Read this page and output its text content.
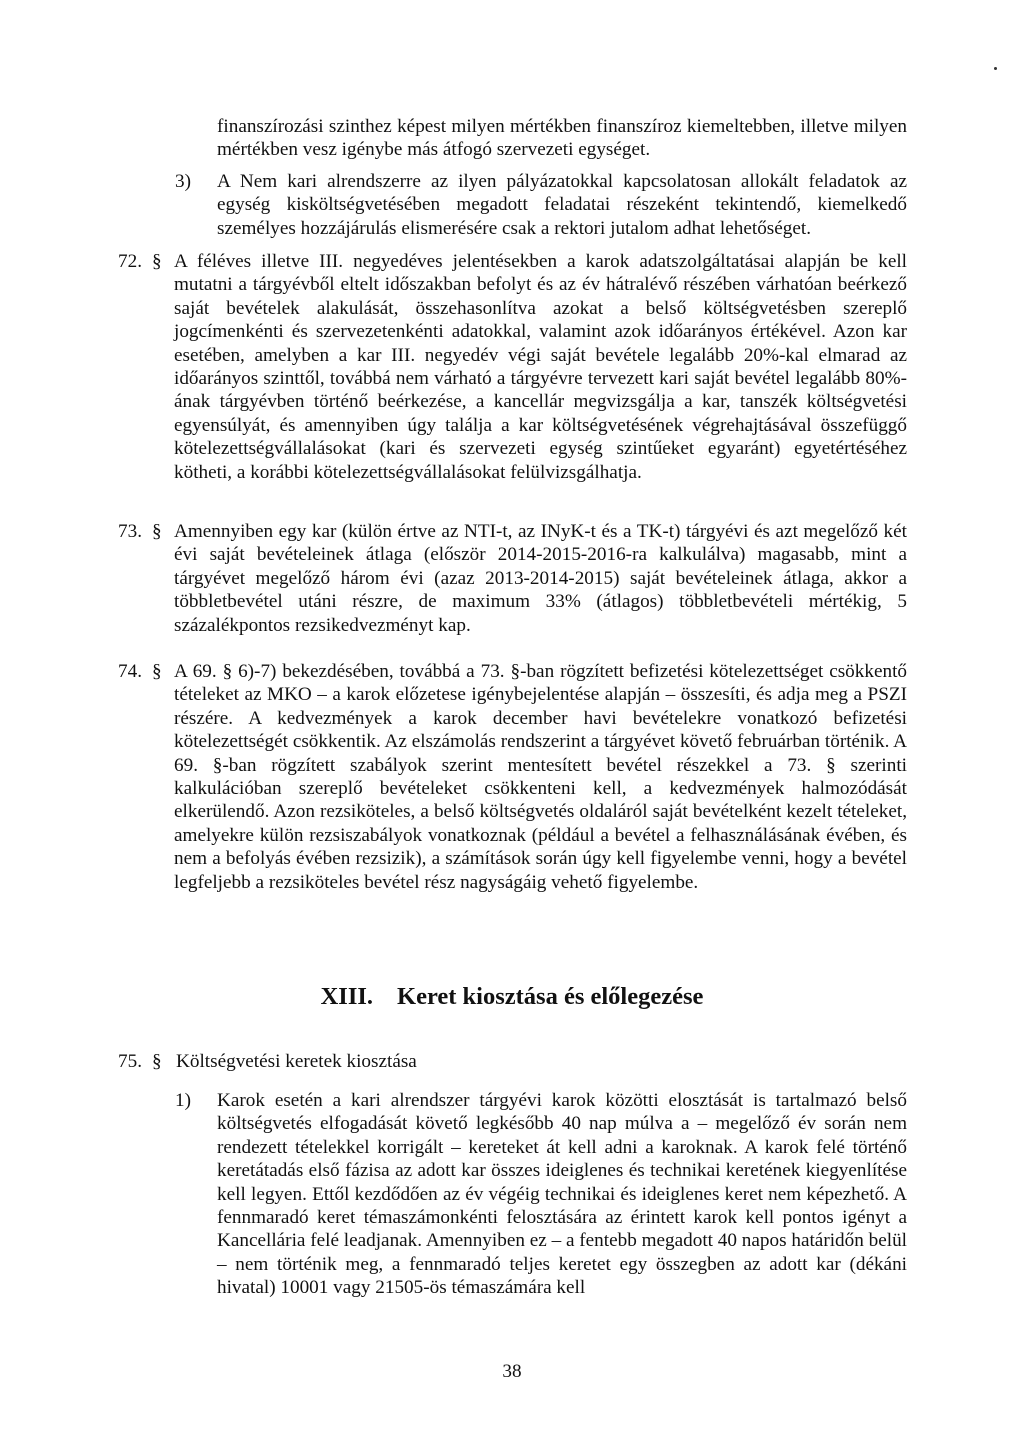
finanszírozási szinthez képest milyen mértékben finanszíroz kiemeltebben, illetve milyen mértékben vesz igénybe más átfogó szervezeti egységet.

3) A Nem kari alrendszerre az ilyen pályázatokkal kapcsolatosan allokált feladatok az egység kisköltségvetésében megadott feladatai részeként tekintendő, kiemelkedő személyes hozzájárulás elismerésére csak a rektori jutalom adhat lehetőséget.

72. § A féléves illetve III. negyedéves jelentésekben a karok adatszolgáltatásai alapján be kell mutatni a tárgyévből eltelt időszakban befolyt és az év hátralévő részében várhatóan beérkező saját bevételek alakulását, összehasonlítva azokat a belső költségvetésben szereplő jogcímenkénti és szervezetenkénti adatokkal, valamint azok időarányos értékével. Azon kar esetében, amelyben a kar III. negyedév végi saját bevétele legalább 20%-kal elmarad az időarányos szinttől, továbbá nem várható a tárgyévre tervezett kari saját bevétel legalább 80%-ának tárgyévben történő beérkezése, a kancellár megvizsgálja a kar, tanszék költségvetési egyensúlyát, és amennyiben úgy találja a kar költségvetésének végrehajtásával összefüggő kötelezettségvállalásokat (kari és szervezeti egység szintűeket egyaránt) egyetértéséhez kötheti, a korábbi kötelezettségvállalásokat felülvizsgálhatja.

73. § Amennyiben egy kar (külön értve az NTI-t, az INyK-t és a TK-t) tárgyévi és azt megelőző két évi saját bevételeinek átlaga (először 2014-2015-2016-ra kalkulálva) magasabb, mint a tárgyévet megelőző három évi (azaz 2013-2014-2015) saját bevételeinek átlaga, akkor a többletbevétel utáni részre, de maximum 33% (átlagos) többletbevételi mértékig, 5 százalékpontos rezsikedvezményt kap.

74. § A 69. § 6)-7) bekezdésében, továbbá a 73. §-ban rögzített befizetési kötelezettséget csökkentő tételeket az MKO – a karok előzetese igénybejelentése alapján – összesíti, és adja meg a PSZI részére. A kedvezmények a karok december havi bevételekre vonatkozó befizetési kötelezettségét csökkentik. Az elszámolás rendszerint a tárgyévet követő februárban történik. A 69. §-ban rögzített szabályok szerint mentesített bevétel részekkel a 73. § szerinti kalkulációban szereplő bevételeket csökkenteni kell, a kedvezmények halmozódását elkerülendő. Azon rezsiköteles, a belső költségvetés oldaláról saját bevételként kezelt tételeket, amelyekre külön rezsiszabályok vonatkoznak (például a bevétel a felhasználásának évében, és nem a befolyás évében rezsizik), a számítások során úgy kell figyelembe venni, hogy a bevétel legfeljebb a rezsiköteles bevétel rész nagyságáig vehető figyelembe.

XIII. Keret kiosztása és előlegezése
75. § Költségvetési keretek kiosztása
1) Karok esetén a kari alrendszer tárgyévi karok közötti elosztását is tartalmazó belső költségvetés elfogadását követő legkésőbb 40 nap múlva a – megelőző év során nem rendezett tételekkel korrigált – kereteket át kell adni a karoknak. A karok felé történő keretátadás első fázisa az adott kar összes ideiglenes és technikai keretének kiegyenlítése kell legyen. Ettől kezdődően az év végéig technikai és ideiglenes keret nem képezhető. A fennmaradó keret témaszámonkénti felosztására az érintett karok kell pontos igényt a Kancellária felé leadjanak. Amennyiben ez – a fentebb megadott 40 napos határidőn belül – nem történik meg, a fennmaradó teljes keretet egy összegben az adott kar (dékáni hivatal) 10001 vagy 21505-ös témaszámára kell

38
